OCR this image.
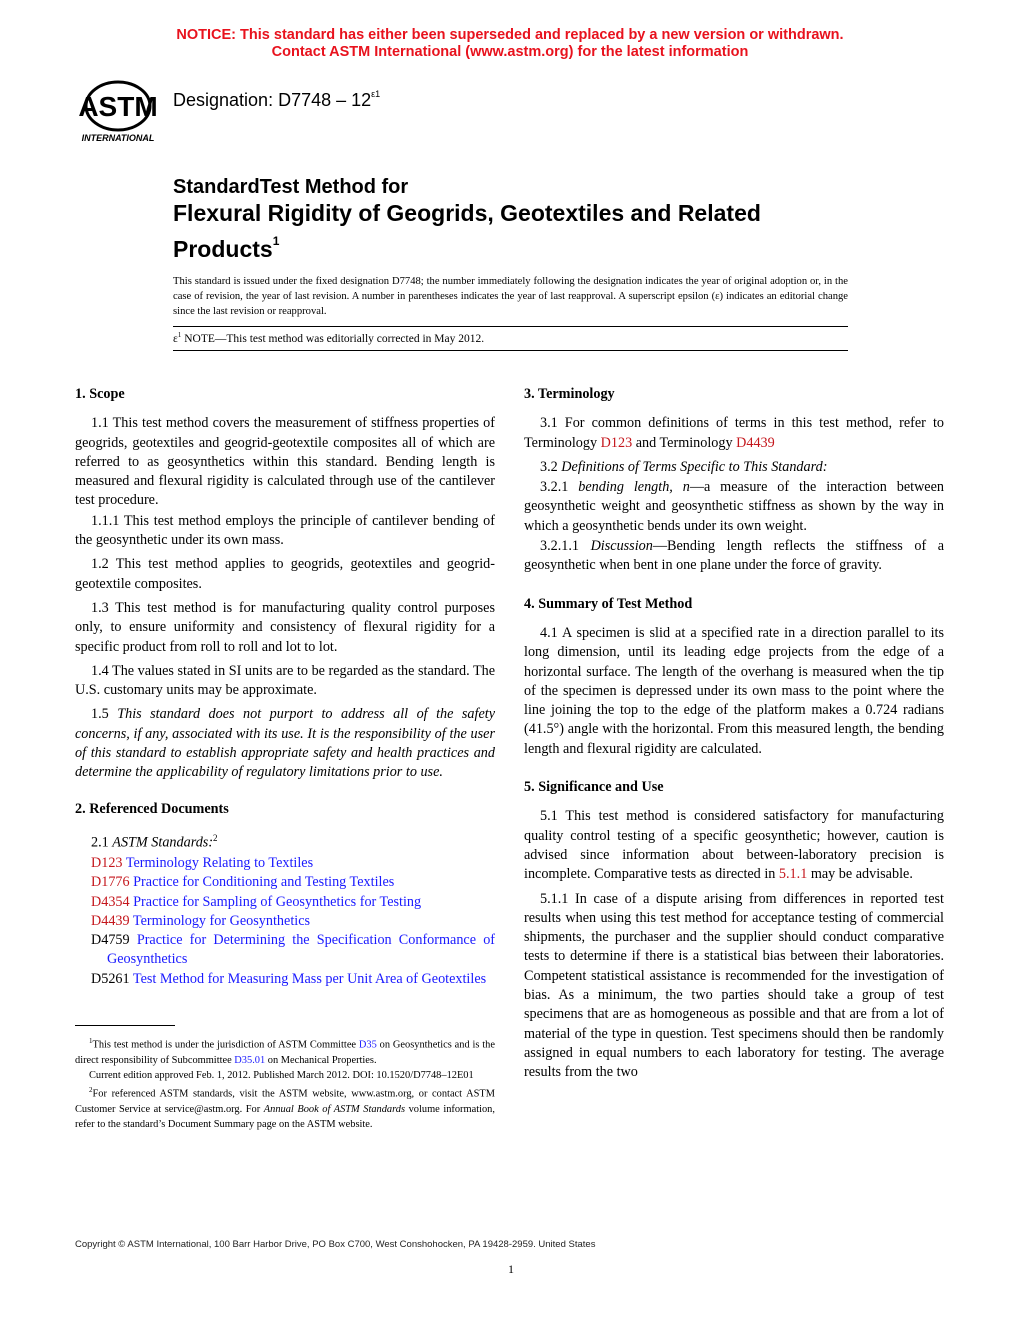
NOTICE: This standard has either been superseded and replaced by a new version or withdrawn.
Contact ASTM International (www.astm.org) for the latest information
ASTM
INTERNATIONAL
Designation: $D7748 - 12^{\varepsilon 1}$
StandardTest Method for
Flexural Rigidity of Geogrids, Geotextiles and Related Products$^1$
This standard is issued under the fixed designation D7748; the number immediately following the designation indicates the year of original adoption or, in the case of revision, the year of last revision. A number in parentheses indicates the year of last reapproval. A superscript epsilon (ε) indicates an editorial change since the last revision or reapproval.
$\varepsilon^1$ NOTE—This test method was editorially corrected in May 2012.
1. Scope

1.1 This test method covers the measurement of stiffness properties of geogrids, geotextiles and geogrid-geotextile composites all of which are referred to as geosynthetics within this standard. Bending length is measured and flexural rigidity is calculated through use of the cantilever test procedure.

1.1.1 This test method employs the principle of cantilever bending of the geosynthetic under its own mass.

1.2 This test method applies to geogrids, geotextiles and geogrid-geotextile composites.

1.3 This test method is for manufacturing quality control purposes only, to ensure uniformity and consistency of flexural rigidity for a specific product from roll to roll and lot to lot.

1.4 The values stated in SI units are to be regarded as the standard. The U.S. customary units may be approximate.

1.5 This standard does not purport to address all of the safety concerns, if any, associated with its use. It is the responsibility of the user of this standard to establish appropriate safety and health practices and determine the applicability of regulatory limitations prior to use.

2. Referenced Documents

2.1 ASTM Standards:$^2$

D123 Terminology Relating to Textiles

D1776 Practice for Conditioning and Testing Textiles

D4354 Practice for Sampling of Geosynthetics for Testing

D4439 Terminology for Geosynthetics

D4759 Practice for Determining the Specification Conformance of Geosynthetics

D5261 Test Method for Measuring Mass per Unit Area of Geotextiles

$^1$This test method is under the jurisdiction of ASTM Committee D35 on Geosynthetics and is the direct responsibility of Subcommittee D35.01 on Mechanical Properties.

Current edition approved Feb. 1, 2012. Published March 2012. DOI: 10.1520/D7748–12E01

$^2$For referenced ASTM standards, visit the ASTM website, www.astm.org, or contact ASTM Customer Service at service@astm.org. For Annual Book of ASTM Standards volume information, refer to the standard’s Document Summary page on the ASTM website.

3. Terminology

3.1 For common definitions of terms in this test method, refer to Terminology D123 and Terminology D4439

3.2 Definitions of Terms Specific to This Standard:

3.2.1 bending length, n—a measure of the interaction between geosynthetic weight and geosynthetic stiffness as shown by the way in which a geosynthetic bends under its own weight.

3.2.1.1 Discussion—Bending length reflects the stiffness of a geosynthetic when bent in one plane under the force of gravity.

4. Summary of Test Method

4.1 A specimen is slid at a specified rate in a direction parallel to its long dimension, until its leading edge projects from the edge of a horizontal surface. The length of the overhang is measured when the tip of the specimen is depressed under its own mass to the point where the line joining the top to the edge of the platform makes a 0.724 radians (41.5°) angle with the horizontal. From this measured length, the bending length and flexural rigidity are calculated.

5. Significance and Use

5.1 This test method is considered satisfactory for manufacturing quality control testing of a specific geosynthetic; however, caution is advised since information about between-laboratory precision is incomplete. Comparative tests as directed in 5.1.1 may be advisable.

5.1.1 In case of a dispute arising from differences in reported test results when using this test method for acceptance testing of commercial shipments, the purchaser and the supplier should conduct comparative tests to determine if there is a statistical bias between their laboratories. Competent statistical assistance is recommended for the investigation of bias. As a minimum, the two parties should take a group of test specimens that are as homogeneous as possible and that are from a lot of material of the type in question. Test specimens should then be randomly assigned in equal numbers to each laboratory for testing. The average results from the two

Copyright © ASTM International, 100 Barr Harbor Drive, PO Box C700, West Conshohocken, PA 19428-2959. United States
1
